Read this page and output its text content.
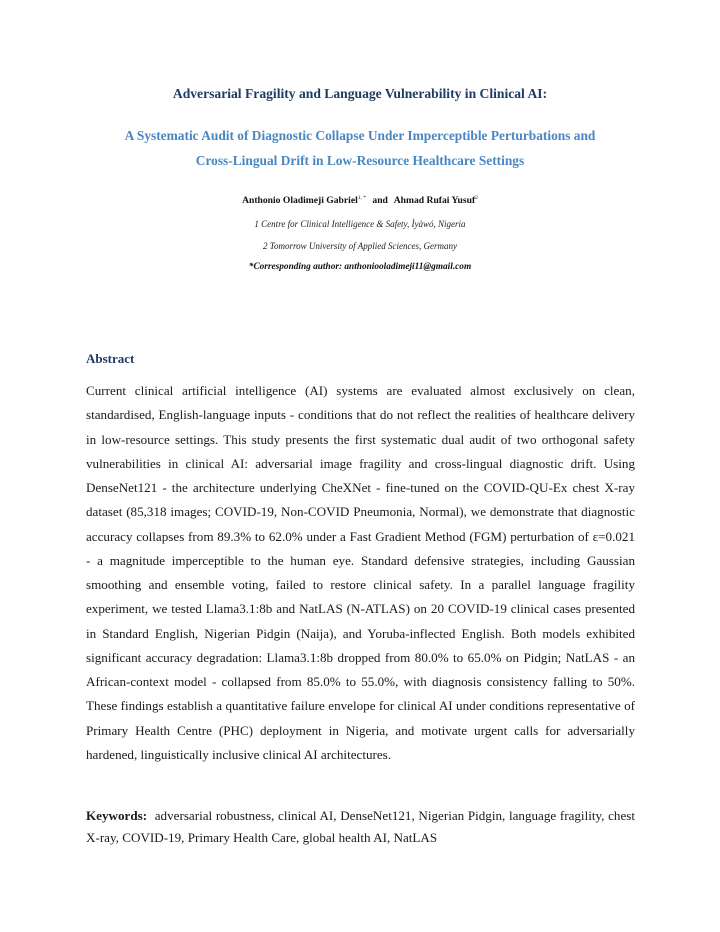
Adversarial Fragility and Language Vulnerability in Clinical AI:
A Systematic Audit of Diagnostic Collapse Under Imperceptible Perturbations and
Cross-Lingual Drift in Low-Resource Healthcare Settings
Anthonio Oladimeji Gabriel$^{1, *}$ and Ahmad Rufai Yusuf$^2$
1 Centre for Clinical Intelligence & Safety, Ìyàwó, Nigeria
2 Tomorrow University of Applied Sciences, Germany
*Corresponding author: anthoniooladimeji11@gmail.com
Abstract
Current clinical artificial intelligence (AI) systems are evaluated almost exclusively on clean, standardised, English-language inputs - conditions that do not reflect the realities of healthcare delivery in low-resource settings. This study presents the first systematic dual audit of two orthogonal safety vulnerabilities in clinical AI: adversarial image fragility and cross-lingual diagnostic drift. Using DenseNet121 - the architecture underlying CheXNet - fine-tuned on the COVID-QU-Ex chest X-ray dataset (85,318 images; COVID-19, Non-COVID Pneumonia, Normal), we demonstrate that diagnostic accuracy collapses from 89.3% to 62.0% under a Fast Gradient Method (FGM) perturbation of ε=0.021 - a magnitude imperceptible to the human eye. Standard defensive strategies, including Gaussian smoothing and ensemble voting, failed to restore clinical safety. In a parallel language fragility experiment, we tested Llama3.1:8b and NatLAS (N-ATLAS) on 20 COVID-19 clinical cases presented in Standard English, Nigerian Pidgin (Naija), and Yoruba-inflected English. Both models exhibited significant accuracy degradation: Llama3.1:8b dropped from 80.0% to 65.0% on Pidgin; NatLAS - an African-context model - collapsed from 85.0% to 55.0%, with diagnosis consistency falling to 50%. These findings establish a quantitative failure envelope for clinical AI under conditions representative of Primary Health Centre (PHC) deployment in Nigeria, and motivate urgent calls for adversarially hardened, linguistically inclusive clinical AI architectures.
Keywords: adversarial robustness, clinical AI, DenseNet121, Nigerian Pidgin, language fragility, chest X-ray, COVID-19, Primary Health Care, global health AI, NatLAS
